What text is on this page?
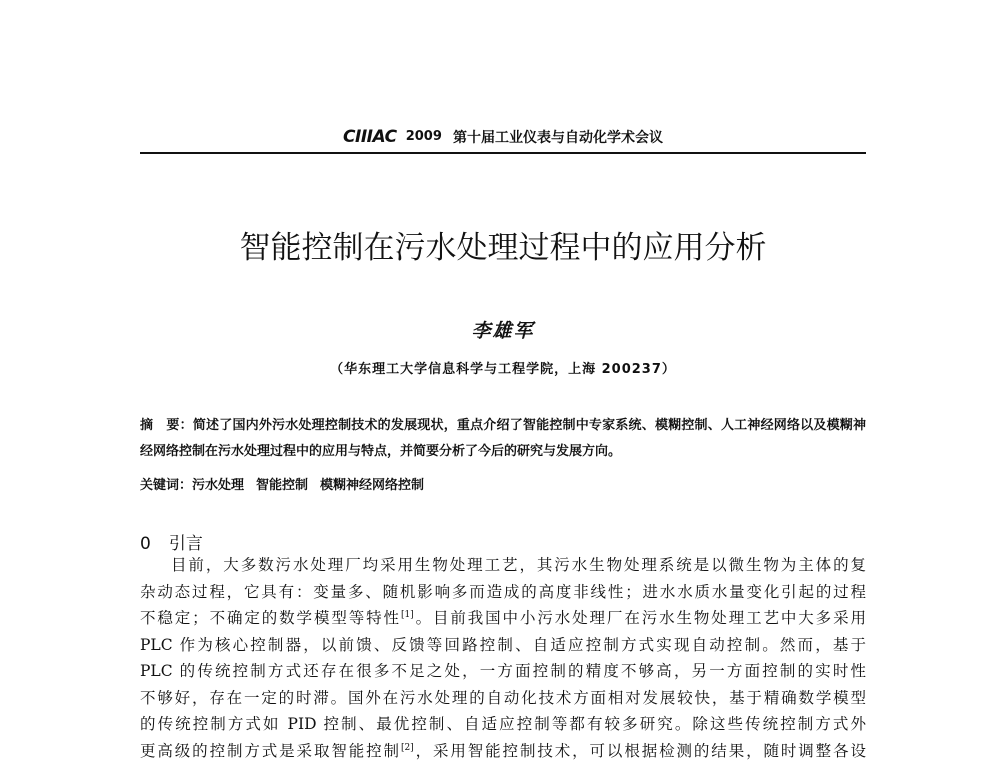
CIIIAC 2009 第十届工业仪表与自动化学术会议
智能控制在污水处理过程中的应用分析
李雄军
（华东理工大学信息科学与工程学院，上海 200237）
摘　要：简述了国内外污水处理控制技术的发展现状，重点介绍了智能控制中专家系统、模糊控制、人工神经网络以及模糊神经网络控制在污水处理过程中的应用与特点，并简要分析了今后的研究与发展方向。
关键词：污水处理 智能控制 模糊神经网络控制
0 引言
目前，大多数污水处理厂均采用生物处理工艺，其污水生物处理系统是以微生物为主体的复
杂动态过程，它具有：变量多、随机影响多而造成的高度非线性；进水水质水量变化引起的过程
不稳定；不确定的数学模型等特性[1]。目前我国中小污水处理厂在污水生物处理工艺中大多采用
PLC 作为核心控制器，以前馈、反馈等回路控制、自适应控制方式实现自动控制。然而，基于
PLC 的传统控制方式还存在很多不足之处，一方面控制的精度不够高，另一方面控制的实时性
不够好，存在一定的时滞。国外在污水处理的自动化技术方面相对发展较快，基于精确数学模型
的传统控制方式如 PID 控制、最优控制、自适应控制等都有较多研究。除这些传统控制方式外
更高级的控制方式是采取智能控制[2]，采用智能控制技术，可以根据检测的结果，随时调整各设
